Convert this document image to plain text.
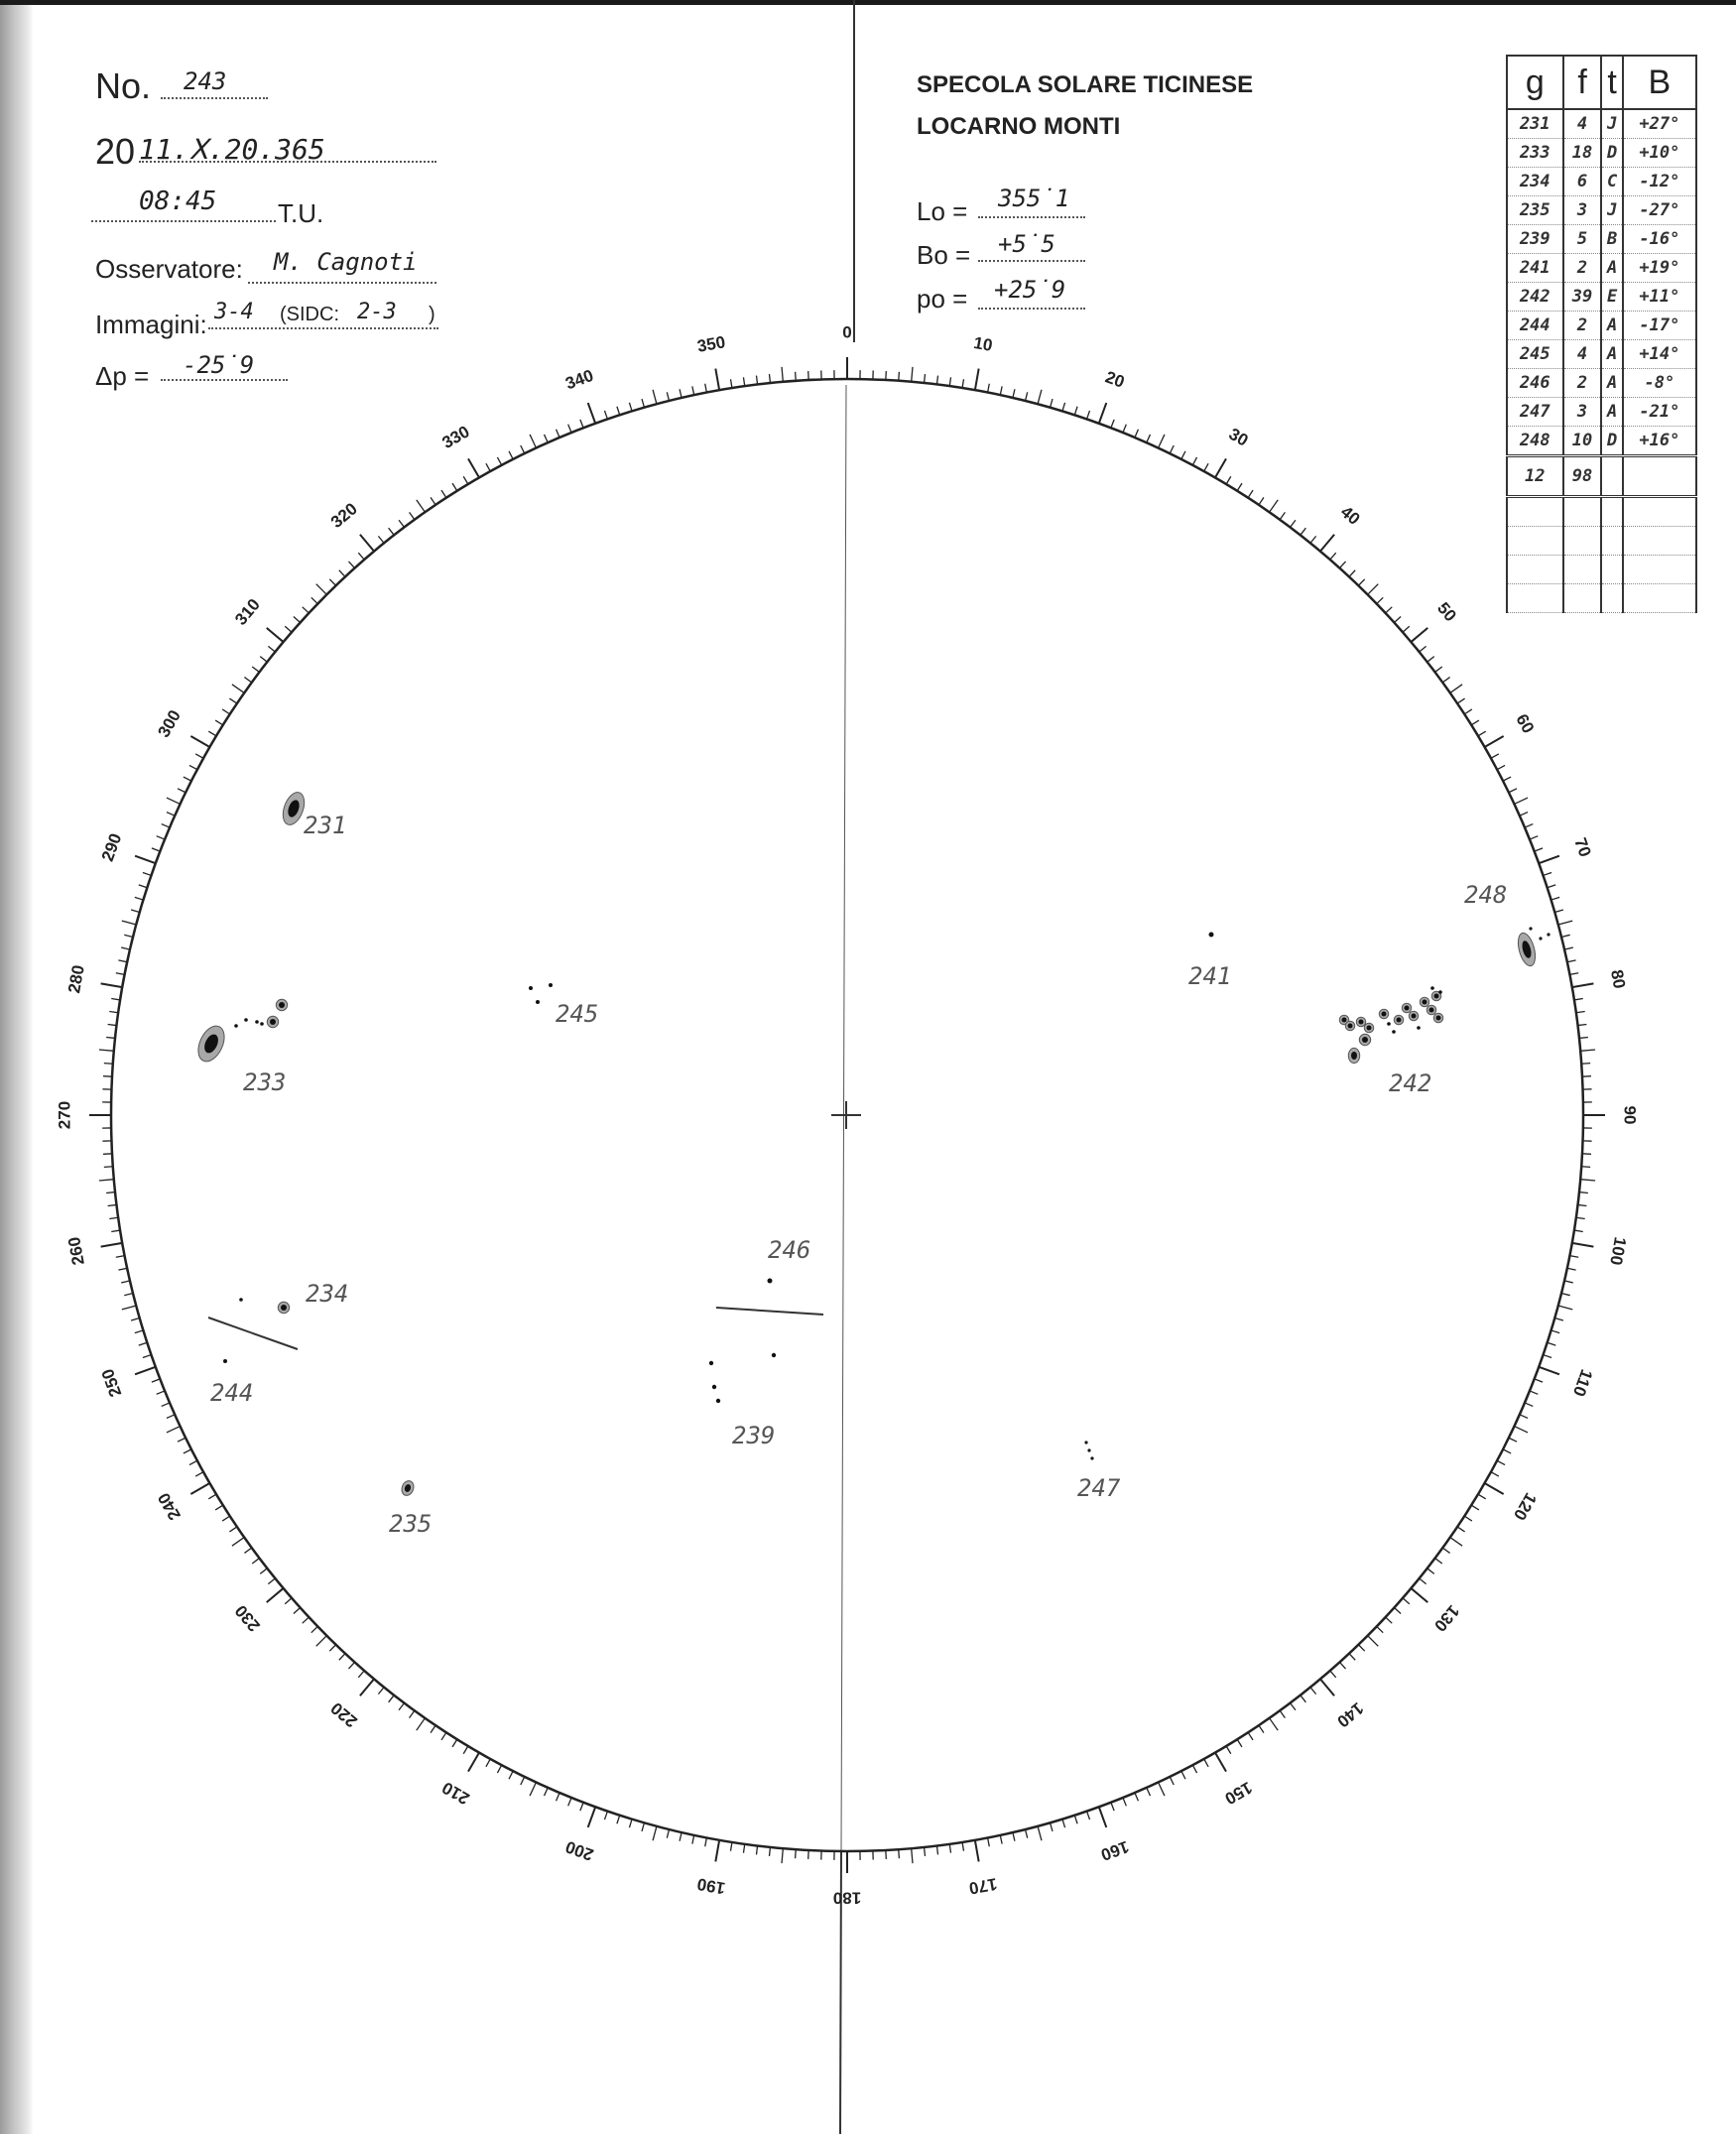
No. 243
20 11.Ⅹ.20.365
08:45 T.U.
Osservatore: M. Cagnoti
Immagini: 3-4 (SIDC: 2-3 )
Δp = -25˙9
SPECOLA SOLARE TICINESE
LOCARNO MONTI
Lo = 355˙1
Bo = +5˙5
po = +25˙9
g	f	t	B
231	4	J	+27°
233	18	D	+10°
234	6	C	-12°
235	3	J	-27°
239	5	B	-16°
241	2	A	+19°
242	39	E	+11°
244	2	A	-17°
245	4	A	+14°
246	2	A	-8°
247	3	A	-21°
248	10	D	+16°
12	98		

0
10
20
30
40
50
60
70
80
90
100
110
120
130
140
150
160
170
180
190
200
210
220
230
240
250
260
270
280
290
300
310
320
330
340
350
231
233
234
235
239
241
242
244
245
246
247
248
